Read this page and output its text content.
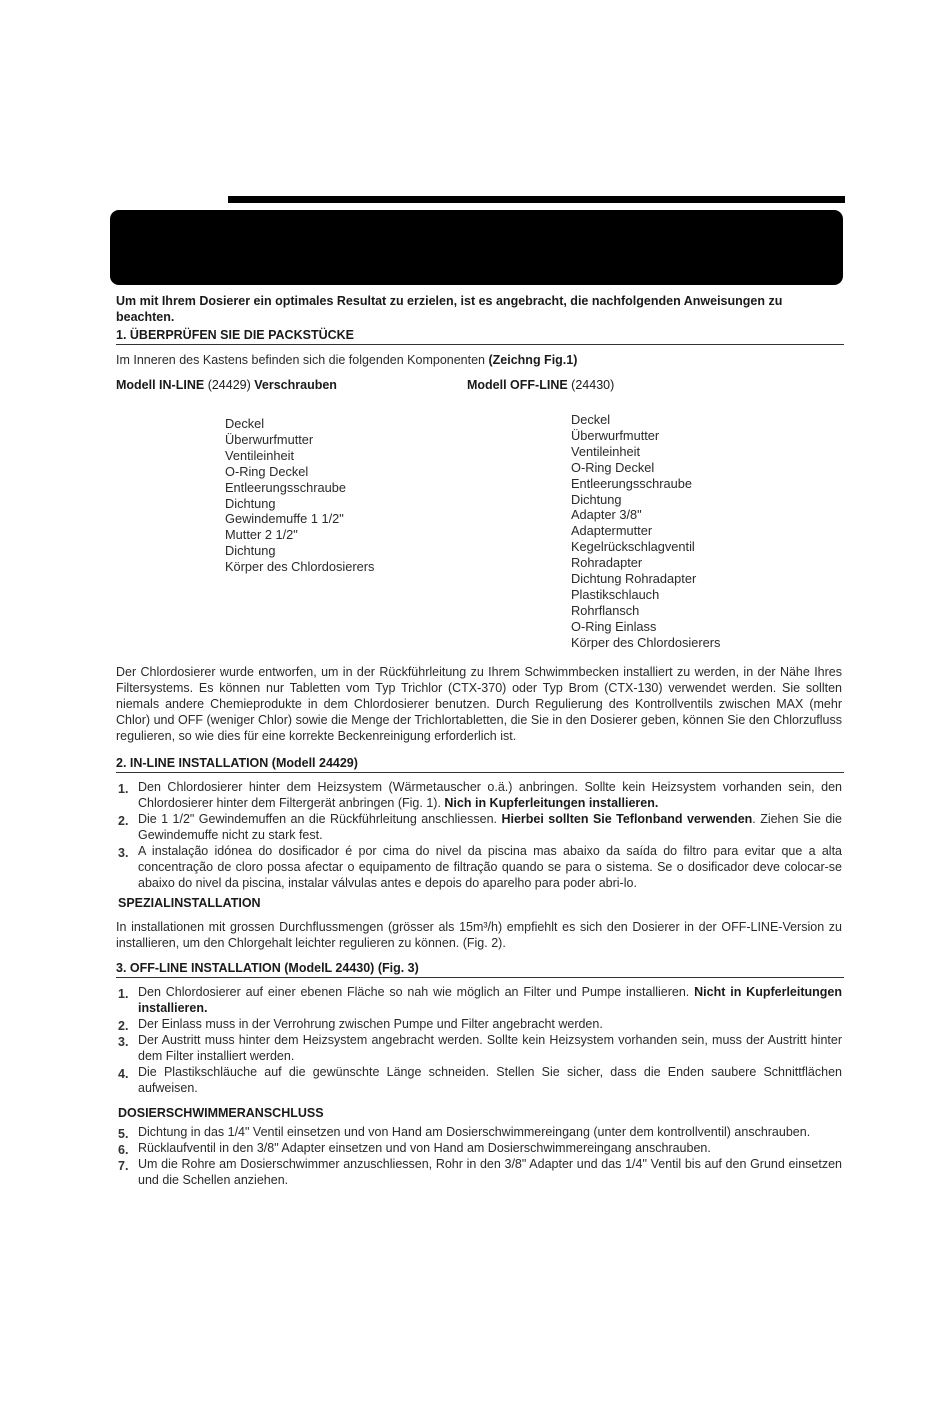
Um mit Ihrem Dosierer ein optimales Resultat zu erzielen, ist es angebracht, die nachfolgenden Anweisungen zu beachten.
1. ÜBERPRÜFEN SIE DIE PACKSTÜCKE
Im Inneren des Kastens befinden sich die folgenden Komponenten (Zeichng Fig.1)
Modell IN-LINE (24429) Verschrauben	Modell OFF-LINE (24430)
Deckel
Überwurfmutter
Ventileinheit
O-Ring Deckel
Entleerungsschraube
Dichtung
Gewindemuffe 1 1/2"
Mutter 2 1/2"
Dichtung
Körper des Chlordosierers
Deckel
Überwurfmutter
Ventileinheit
O-Ring Deckel
Entleerungsschraube
Dichtung
Adapter 3/8"
Adaptermutter
Kegelrückschlagventil
Rohradapter
Dichtung Rohradapter
Plastikschlauch
Rohrflansch
O-Ring Einlass
Körper des Chlordosierers
Der Chlordosierer wurde entworfen, um in der Rückführleitung zu Ihrem Schwimmbecken installiert zu werden, in der Nähe Ihres Filtersystems. Es können nur Tabletten vom Typ Trichlor (CTX-370) oder Typ Brom (CTX-130) verwendet werden. Sie sollten niemals andere Chemieprodukte in dem Chlordosierer benutzen. Durch Regulierung des Kontrollventils zwischen MAX (mehr Chlor) und OFF (weniger Chlor) sowie die Menge der Trichlortabletten, die Sie in den Dosierer geben, können Sie den Chlorzufluss regulieren, so wie dies für eine korrekte Beckenreinigung erforderlich ist.
2. IN-LINE INSTALLATION (Modell 24429)
1. Den Chlordosierer hinter dem Heizsystem (Wärmetauscher o.ä.) anbringen. Sollte kein Heizsystem vorhanden sein, den Chlordosierer hinter dem Filtergerät anbringen (Fig. 1). Nich in Kupferleitungen installieren.
2. Die 1 1/2" Gewindemuffen an die Rückführleitung anschliessen. Hierbei sollten Sie Teflonband verwenden. Ziehen Sie die Gewindemuffe nicht zu stark fest.
3. A instalação idónea do dosificador é por cima do nivel da piscina mas abaixo da saída do filtro para evitar que a alta concentração de cloro possa afectar o equipamento de filtração quando se para o sistema. Se o dosificador deve colocar-se abaixo do nivel da piscina, instalar válvulas antes e depois do aparelho para poder abri-lo.
SPEZIALINSTALLATION
In installationen mit grossen Durchflussmengen (grösser als 15m³/h) empfiehlt es sich den Dosierer in der OFF-LINE-Version zu installieren, um den Chlorgehalt leichter regulieren zu können. (Fig. 2).
3. OFF-LINE INSTALLATION (ModelL 24430) (Fig. 3)
1. Den Chlordosierer auf einer ebenen Fläche so nah wie möglich an Filter und Pumpe installieren. Nicht in Kupferleitungen installieren.
2. Der Einlass muss in der Verrohrung zwischen Pumpe und Filter angebracht werden.
3. Der Austritt muss hinter dem Heizsystem angebracht werden. Sollte kein Heizsystem vorhanden sein, muss der Austritt hinter dem Filter installiert werden.
4. Die Plastikschläuche auf die gewünschte Länge schneiden. Stellen Sie sicher, dass die Enden saubere Schnittflächen aufweisen.
DOSIERSCHWIMMERANSCHLUSS
5. Dichtung in das 1/4" Ventil einsetzen und von Hand am Dosierschwimmereingang (unter dem kontrollventil) anschrauben.
6. Rücklaufventil in den 3/8" Adapter einsetzen und von Hand am Dosierschwimmereingang anschrauben.
7. Um die Rohre am Dosierschwimmer anzuschliessen, Rohr in den 3/8" Adapter und das 1/4" Ventil bis auf den Grund einsetzen und die Schellen anziehen.
